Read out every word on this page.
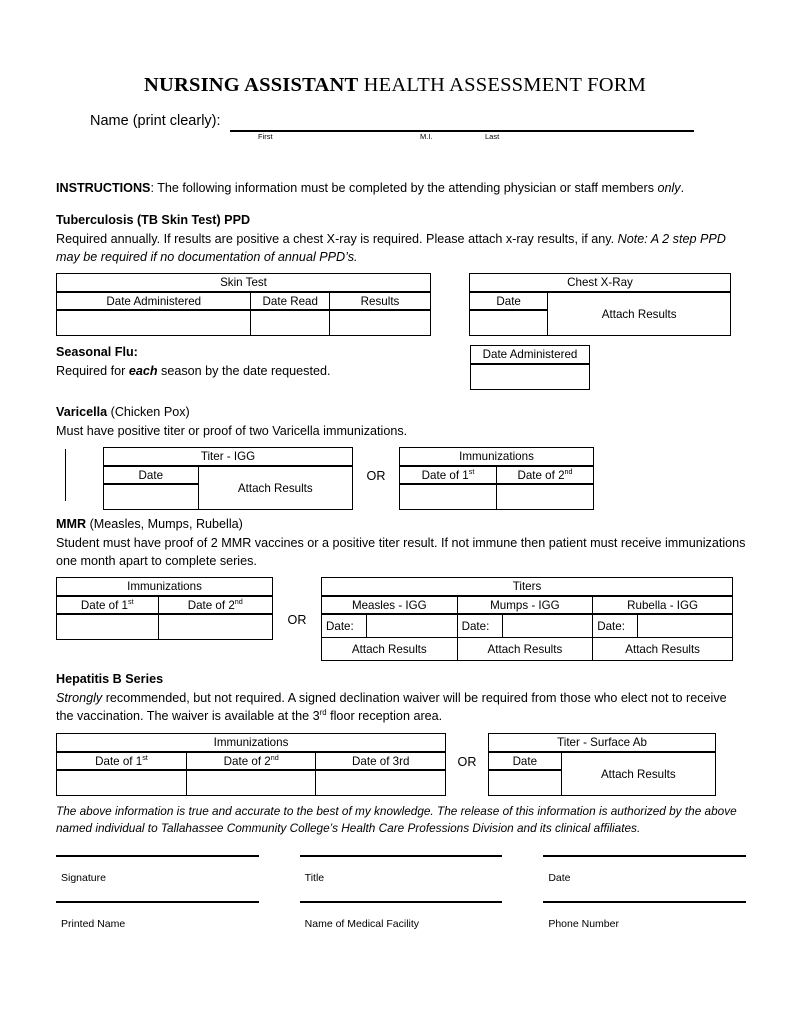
NURSING ASSISTANT HEALTH ASSESSMENT FORM
Name (print clearly):
First	M.I.	Last
INSTRUCTIONS: The following information must be completed by the attending physician or staff members only.
Tuberculosis (TB Skin Test) PPD
Required annually. If results are positive a chest X-ray is required. Please attach x-ray results, if any. Note: A 2 step PPD may be required if no documentation of annual PPD’s.
Skin Test		
Date Administered	Date Read	Results

Chest X-Ray
Date	Attach Results

Seasonal Flu:
Required for each season by the date requested.
Date Administered

Varicella (Chicken Pox)
Must have positive titer or proof of two Varicella immunizations.
Titer - IGG
Date	Attach Results

OR
Immunizations	
Date of 1st	Date of 2nd

MMR (Measles, Mumps, Rubella)
Student must have proof of 2 MMR vaccines or a positive titer result. If not immune then patient must receive immunizations one month apart to complete series.
Immunizations	
Date of 1st	Date of 2nd

OR
Titers					
Measles - IGG		Mumps - IGG		Rubella - IGG	
Date:		Date:		Date:	
Attach Results		Attach Results		Attach Results	
Hepatitis B Series
Strongly recommended, but not required. A signed declination waiver will be required from those who elect not to receive the vaccination. The waiver is available at the 3rd floor reception area.
Immunizations		
Date of 1st	Date of 2nd	Date of 3rd
			OR
Titer - Surface Ab
Date	Attach Results

The above information is true and accurate to the best of my knowledge. The release of this information is authorized by the above named individual to Tallahassee Community College’s Health Care Professions Division and its clinical affiliates.
Signature	Title	Date
Printed Name	Name of Medical Facility	Phone Number
